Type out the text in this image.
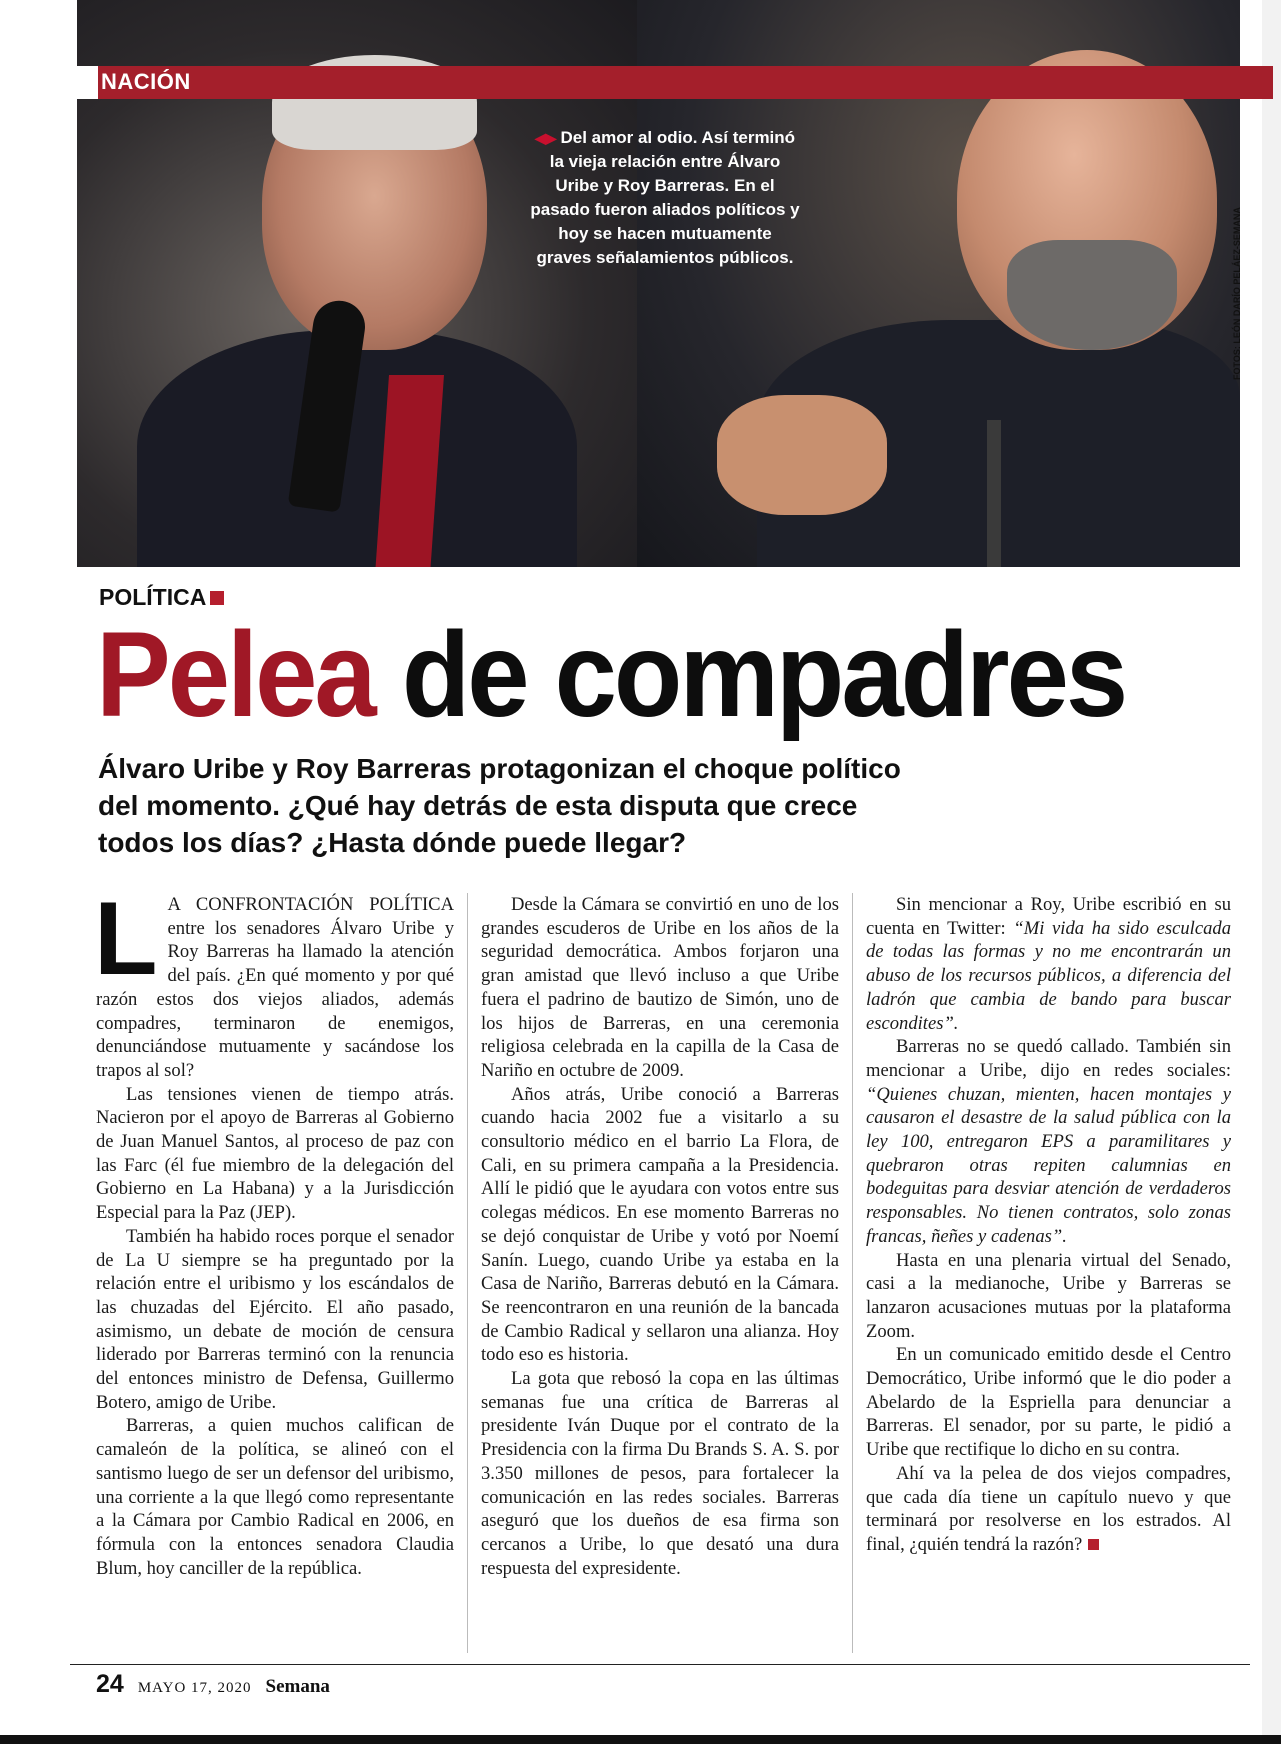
NACIÓN
◀▶ Del amor al odio. Así terminó la vieja relación entre Álvaro Uribe y Roy Barreras. En el pasado fueron aliados políticos y hoy se hacen mutuamente graves señalamientos públicos.	FOTOS: LEÓN DARÍO PELÁEZ-SEMANA
POLÍTICA
Pelea de compadres
Álvaro Uribe y Roy Barreras protagonizan el choque político del momento. ¿Qué hay detrás de esta disputa que crece todos los días? ¿Hasta dónde puede llegar?

L A CONFRONTACIÓN POLÍTICA entre los senadores Álvaro Uribe y Roy Barreras ha llamado la atención del país. ¿En qué momento y por qué razón estos dos viejos aliados, además compadres, terminaron de enemigos, denunciándose mutuamente y sacándose los trapos al sol?

Las tensiones vienen de tiempo atrás. Nacieron por el apoyo de Barreras al Gobierno de Juan Manuel Santos, al proceso de paz con las Farc (él fue miembro de la delegación del Gobierno en La Habana) y a la Jurisdicción Especial para la Paz (JEP).

También ha habido roces porque el senador de La U siempre se ha preguntado por la relación entre el uribismo y los escándalos de las chuzadas del Ejército. El año pasado, asimismo, un debate de moción de censura liderado por Barreras terminó con la renuncia del entonces ministro de Defensa, Guillermo Botero, amigo de Uribe.

Barreras, a quien muchos califican de camaleón de la política, se alineó con el santismo luego de ser un defensor del uribismo, una corriente a la que llegó como representante a la Cámara por Cambio Radical en 2006, en fórmula con la entonces senadora Claudia Blum, hoy canciller de la república.

Desde la Cámara se convirtió en uno de los grandes escuderos de Uribe en los años de la seguridad democrática. Ambos forjaron una gran amistad que llevó incluso a que Uribe fuera el padrino de bautizo de Simón, uno de los hijos de Barreras, en una ceremonia religiosa celebrada en la capilla de la Casa de Nariño en octubre de 2009.

Años atrás, Uribe conoció a Barreras cuando hacia 2002 fue a visitarlo a su consultorio médico en el barrio La Flora, de Cali, en su primera campaña a la Presidencia. Allí le pidió que le ayudara con votos entre sus colegas médicos. En ese momento Barreras no se dejó conquistar de Uribe y votó por Noemí Sanín. Luego, cuando Uribe ya estaba en la Casa de Nariño, Barreras debutó en la Cámara. Se reencontraron en una reunión de la bancada de Cambio Radical y sellaron una alianza. Hoy todo eso es historia.

La gota que rebosó la copa en las últimas semanas fue una crítica de Barreras al presidente Iván Duque por el contrato de la Presidencia con la firma Du Brands S. A. S. por 3.350 millones de pesos, para fortalecer la comunicación en las redes sociales. Barreras aseguró que los dueños de esa firma son cercanos a Uribe, lo que desató una dura respuesta del expresidente.

Sin mencionar a Roy, Uribe escribió en su cuenta en Twitter: “Mi vida ha sido esculcada de todas las formas y no me encontrarán un abuso de los recursos públicos, a diferencia del ladrón que cambia de bando para buscar escondites”.

Barreras no se quedó callado. También sin mencionar a Uribe, dijo en redes sociales: “Quienes chuzan, mienten, hacen montajes y causaron el desastre de la salud pública con la ley 100, entregaron EPS a paramilitares y quebraron otras repiten calumnias en bodeguitas para desviar atención de verdaderos responsables. No tienen contratos, solo zonas francas, ñeñes y cadenas”.

Hasta en una plenaria virtual del Senado, casi a la medianoche, Uribe y Barreras se lanzaron acusaciones mutuas por la plataforma Zoom.

En un comunicado emitido desde el Centro Democrático, Uribe informó que le dio poder a Abelardo de la Espriella para denunciar a Barreras. El senador, por su parte, le pidió a Uribe que rectifique lo dicho en su contra.

Ahí va la pelea de dos viejos compadres, que cada día tiene un capítulo nuevo y que terminará por resolverse en los estrados. Al final, ¿quién tendrá la razón?

24 MAYO 17, 2020 Semana
